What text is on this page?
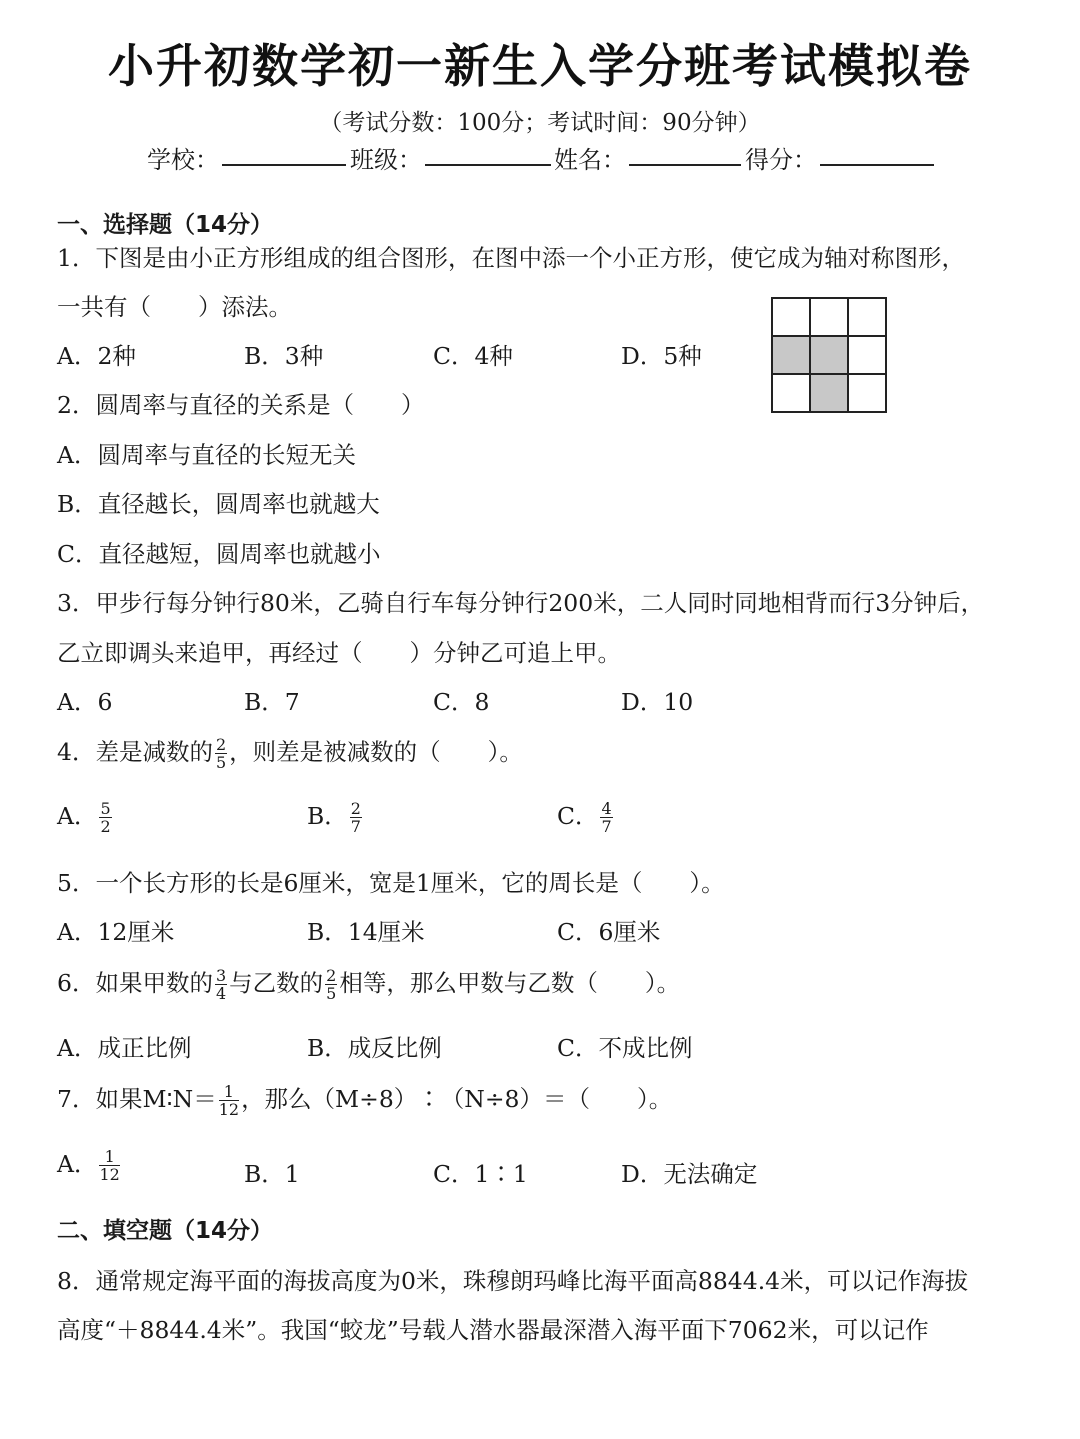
小升初数学初一新生入学分班考试模拟卷
（考试分数：100分；考试时间：90分钟）
学校：	班级：	姓名：	得分：
一、选择题（14分）
1．下图是由小正方形组成的组合图形，在图中添一个小正方形，使它成为轴对称图形，
一共有（　　）添法。
A．2种	B．3种	C．4种	D．5种
2．圆周率与直径的关系是（　　）
A．圆周率与直径的长短无关
B．直径越长，圆周率也就越大
C．直径越短，圆周率也就越小
3．甲步行每分钟行80米，乙骑自行车每分钟行200米，二人同时同地相背而行3分钟后，
乙立即调头来追甲，再经过（　　）分钟乙可追上甲。
A．6	B．7	C．8	D．10
4．差是减数的 $\frac{2}{5}$ ，则差是被减数的（　　）。
A． $\frac{5}{2}$	B． $\frac{2}{7}$	C． $\frac{4}{7}$
5．一个长方形的长是6厘米，宽是1厘米，它的周长是（　　）。
A．12厘米	B．14厘米	C．6厘米
6．如果甲数的 $\frac{3}{4}$ 与乙数的 $\frac{2}{5}$ 相等，那么甲数与乙数（　　）。
A．成正比例	B．成反比例	C．不成比例
7．如果M∶N＝ $\frac{1}{12}$ ，那么（M÷8）∶（N÷8）＝（　　）。
A． $\frac{1}{12}$	B．1	C．1∶1	D．无法确定
二、填空题（14分）
8．通常规定海平面的海拔高度为0米，珠穆朗玛峰比海平面高8844.4米，可以记作海拔
高度“＋8844.4米”。我国“蛟龙”号载人潜水器最深潜入海平面下7062米，可以记作
